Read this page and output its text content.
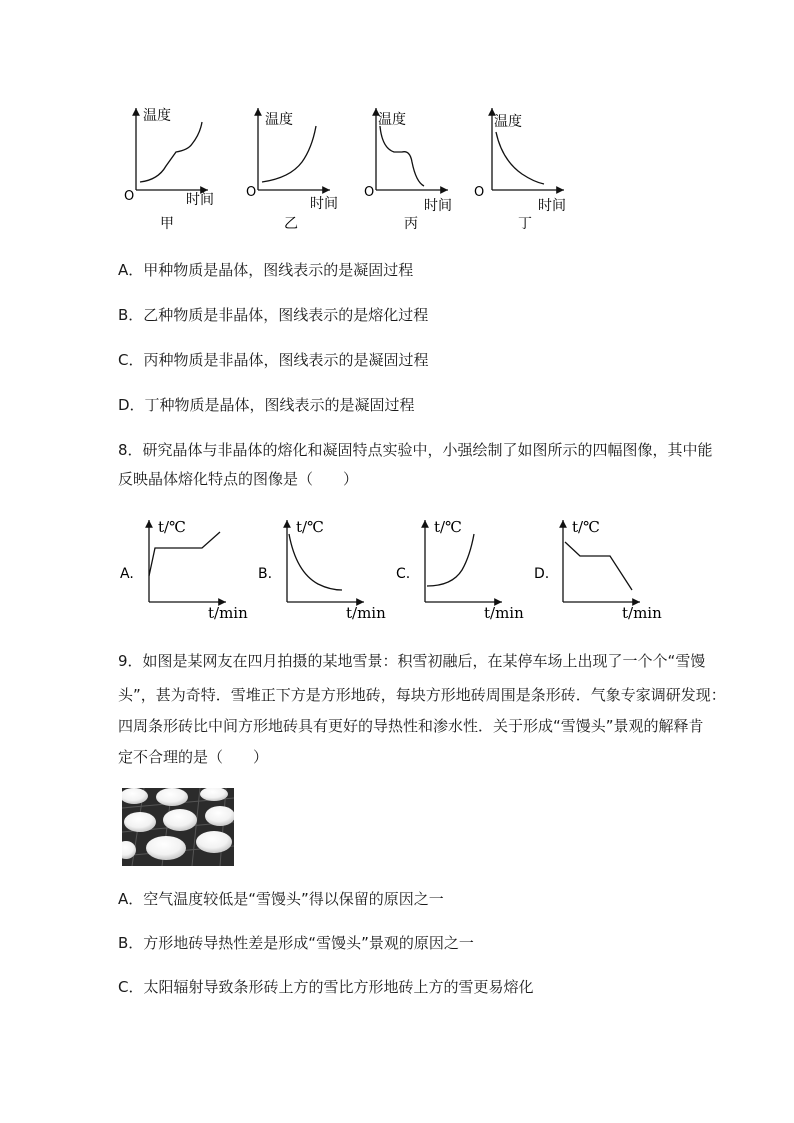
温度
O	时间
甲
温度
O
时间
乙
温度
O
时间
丙
温度
O
时间
丁
A．甲种物质是晶体，图线表示的是凝固过程
B．乙种物质是非晶体，图线表示的是熔化过程
C．丙种物质是非晶体，图线表示的是凝固过程
D．丁种物质是晶体，图线表示的是凝固过程
8．研究晶体与非晶体的熔化和凝固特点实验中，小强绘制了如图所示的四幅图像，其中能
反映晶体熔化特点的图像是（　　）
A.
t/℃
t/min
B.
t/℃
t/min
C.
t/℃
t/min
D.
t/℃
t/min
9．如图是某网友在四月拍摄的某地雪景：积雪初融后，在某停车场上出现了一个个“雪馒
头”，甚为奇特．雪堆正下方是方形地砖，每块方形地砖周围是条形砖．气象专家调研发现：
四周条形砖比中间方形地砖具有更好的导热性和渗水性．关于形成“雪馒头”景观的解释肯
定不合理的是（　　）
A．空气温度较低是“雪馒头”得以保留的原因之一
B．方形地砖导热性差是形成“雪馒头”景观的原因之一
C．太阳辐射导致条形砖上方的雪比方形地砖上方的雪更易熔化
